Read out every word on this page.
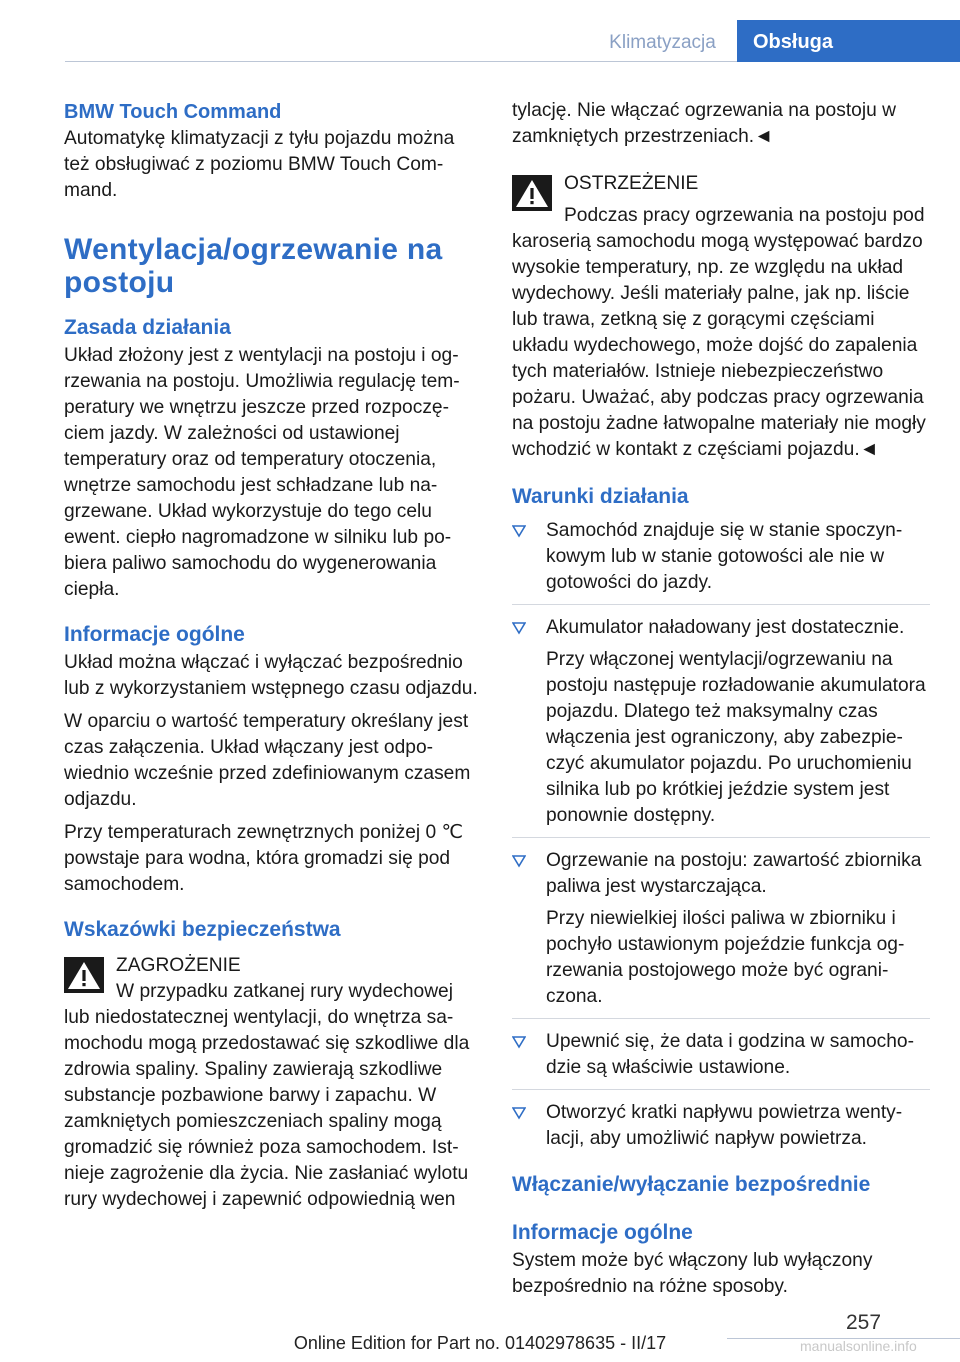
Klimatyzacja	Obsługa
BMW Touch Command

Automatykę klimatyzacji z tyłu pojazdu można też obsługiwać z poziomu BMW Touch Command.

Wentylacja/ogrzewanie na postoju
Zasada działania

Układ złożony jest z wentylacji na postoju i ogrzewania na postoju. Umożliwia regulację temperatury we wnętrzu jeszcze przed rozpoczęciem jazdy. W zależności od ustawionej temperatury oraz od temperatury otoczenia, wnętrze samochodu jest schładzane lub nagrzewane. Układ wykorzystuje do tego celu ewent. ciepło nagromadzone w silniku lub pobiera paliwo samochodu do wygenerowania ciepła.

Informacje ogólne

Układ można włączać i wyłączać bezpośrednio lub z wykorzystaniem wstępnego czasu odjazdu.

W oparciu o wartość temperatury określany jest czas załączenia. Układ włączany jest odpowiednio wcześnie przed zdefiniowanym czasem odjazdu.

Przy temperaturach zewnętrznych poniżej 0 ℃ powstaje para wodna, która gromadzi się pod samochodem.

Wskazówki bezpieczeństwa

ZAGROŻENIE

W przypadku zatkanej rury wydechowej lub niedostatecznej wentylacji, do wnętrza samochodu mogą przedostawać się szkodliwe dla zdrowia spaliny. Spaliny zawierają szkodliwe substancje pozbawione barwy i zapachu. W zamkniętych pomieszczeniach spaliny mogą gromadzić się również poza samochodem. Istnieje zagrożenie dla życia. Nie zasłaniać wylotu rury wydechowej i zapewnić odpowiednią wen

tylację. Nie włączać ogrzewania na postoju w zamkniętych przestrzeniach.◄

OSTRZEŻENIE

Podczas pracy ogrzewania na postoju pod karoserią samochodu mogą występować bardzo wysokie temperatury, np. ze względu na układ wydechowy. Jeśli materiały palne, jak np. liście lub trawa, zetkną się z gorącymi częściami układu wydechowego, może dojść do zapalenia tych materiałów. Istnieje niebezpieczeństwo pożaru. Uważać, aby podczas pracy ogrzewania na postoju żadne łatwopalne materiały nie mogły wchodzić w kontakt z częściami pojazdu.◄

Warunki działania

Samochód znajduje się w stanie spoczynkowym lub w stanie gotowości ale nie w gotowości do jazdy.

Akumulator naładowany jest dostatecznie.

Przy włączonej wentylacji/ogrzewaniu na postoju następuje rozładowanie akumulatora pojazdu. Dlatego też maksymalny czas włączenia jest ograniczony, aby zabezpieczyć akumulator pojazdu. Po uruchomieniu silnika lub po krótkiej jeździe system jest ponownie dostępny.

Ogrzewanie na postoju: zawartość zbiornika paliwa jest wystarczająca.

Przy niewielkiej ilości paliwa w zbiorniku i pochyło ustawionym pojeździe funkcja ogrzewania postojowego może być ograniczona.

Upewnić się, że data i godzina w samochodzie są właściwie ustawione.

Otworzyć kratki napływu powietrza wentylacji, aby umożliwić napływ powietrza.

Włączanie/wyłączanie bezpośrednie
Informacje ogólne

System może być włączony lub wyłączony bezpośrednio na różne sposoby.

257
Online Edition for Part no. 01402978635 - II/17	manualsonline.info
